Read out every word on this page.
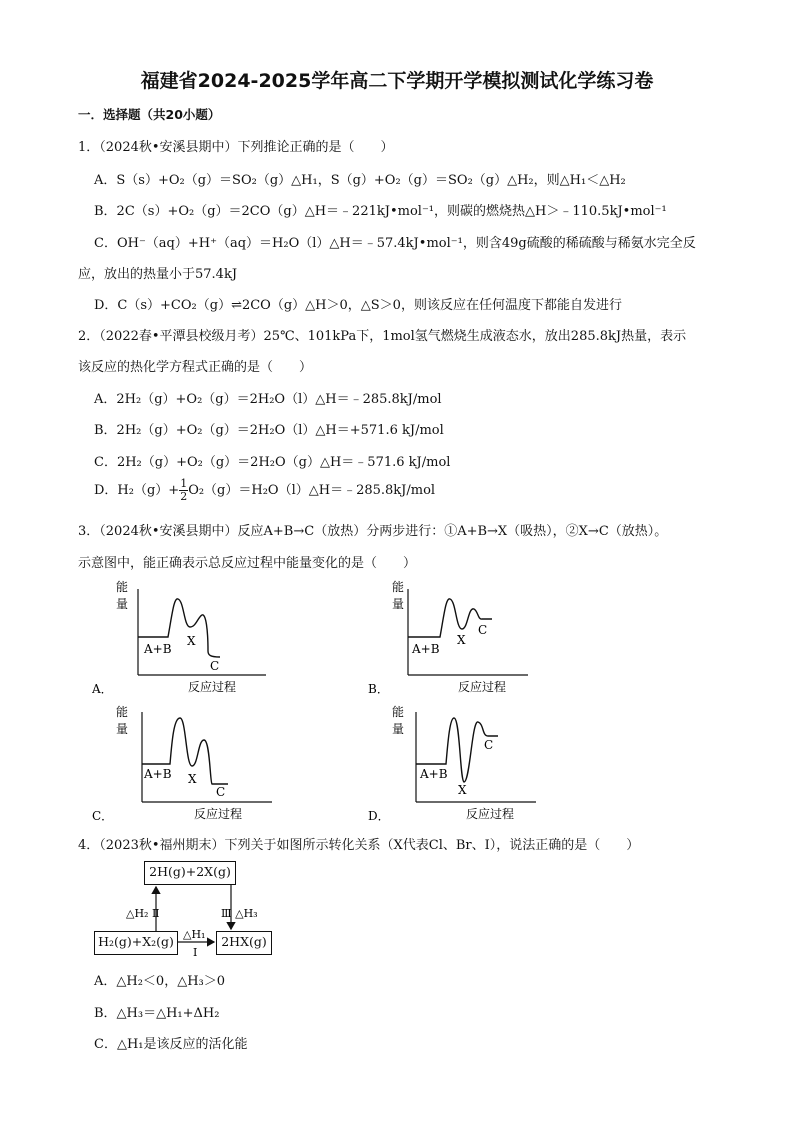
福建省2024-2025学年高二下学期开学模拟测试化学练习卷
一．选择题（共20小题）
1．（2024秋•安溪县期中）下列推论正确的是（　　）
A．S（s）+O₂（g）＝SO₂（g）△H₁，S（g）+O₂（g）＝SO₂（g）△H₂，则△H₁＜△H₂
B．2C（s）+O₂（g）＝2CO（g）△H＝﹣221kJ•mol⁻¹，则碳的燃烧热△H＞﹣110.5kJ•mol⁻¹
C．OH⁻（aq）+H⁺（aq）＝H₂O（l）△H＝﹣57.4kJ•mol⁻¹，则含49g硫酸的稀硫酸与稀氨水完全反
应，放出的热量小于57.4kJ
D．C（s）+CO₂（g）⇌2CO（g）△H＞0，△S＞0，则该反应在任何温度下都能自发进行
2．（2022春•平潭县校级月考）25℃、101kPa下，1mol氢气燃烧生成液态水，放出285.8kJ热量，表示
该反应的热化学方程式正确的是（　　）
A．2H₂（g）+O₂（g）＝2H₂O（l）△H＝﹣285.8kJ/mol
B．2H₂（g）+O₂（g）＝2H₂O（l）△H＝+571.6 kJ/mol
C．2H₂（g）+O₂（g）＝2H₂O（g）△H＝﹣571.6 kJ/mol
D．$H_2(g)+ \frac{1}{2}$ O₂（g）＝H₂O（l）△H＝﹣285.8kJ/mol
3．（2024秋•安溪县期中）反应A+B→C（放热）分两步进行：①A+B→X（吸热），②X→C（放热）。
示意图中，能正确表示总反应过程中能量变化的是（　　）
能
量
A+B
X
C
反应过程
A．
能
量
A+B
X
C
反应过程
B．
能
量
A+B X
C
反应过程
C．
能
量
A+B
X
C
反应过程
D．
4．（2023秋•福州期末）下列关于如图所示转化关系（X代表Cl、Br、I），说法正确的是（　　）
2H(g)+2X(g)
H₂(g)+X₂(g)	2HX(g)
△H₂ Ⅱ	Ⅲ △H₃
△H₁
Ⅰ
A．△H₂＜0，△H₃＞0
B．△H₃＝△H₁+ΔH₂
C．△H₁是该反应的活化能
